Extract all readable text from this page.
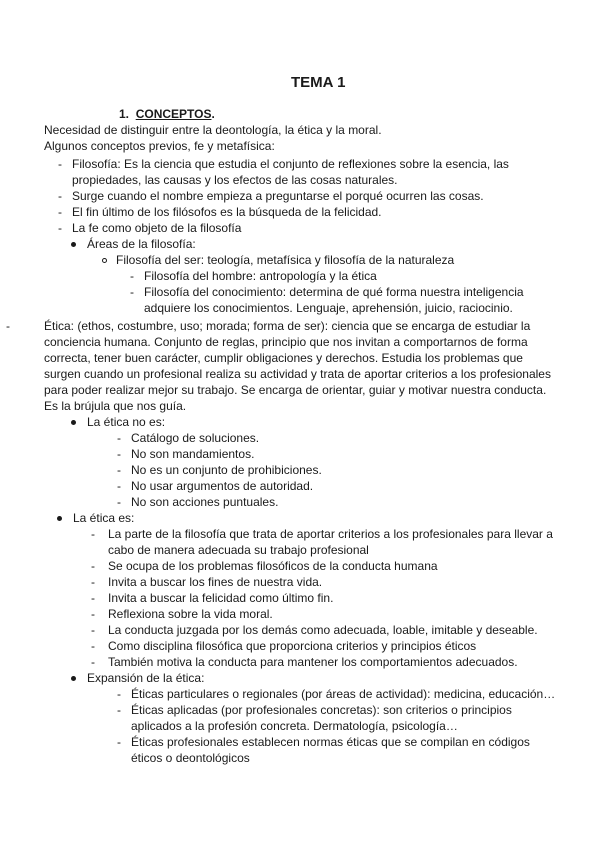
TEMA 1
1. CONCEPTOS.
Necesidad de distinguir entre la deontología, la ética y la moral.
Algunos conceptos previos, fe y metafísica:
- Filosofía: Es la ciencia que estudia el conjunto de reflexiones sobre la esencia, las
propiedades, las causas y los efectos de las cosas naturales.
- Surge cuando el nombre empieza a preguntarse el porqué ocurren las cosas.
- El fin último de los filósofos es la búsqueda de la felicidad.
- La fe como objeto de la filosofía
Áreas de la filosofía:
Filosofía del ser: teología, metafísica y filosofía de la naturaleza
- Filosofía del hombre: antropología y la ética
- Filosofía del conocimiento: determina de qué forma nuestra inteligencia
adquiere los conocimientos. Lenguaje, aprehensión, juicio, raciocinio.
-	Ética: (ethos, costumbre, uso; morada; forma de ser): ciencia que se encarga de estudiar la
conciencia humana. Conjunto de reglas, principio que nos invitan a comportarnos de forma
correcta, tener buen carácter, cumplir obligaciones y derechos. Estudia los problemas que
surgen cuando un profesional realiza su actividad y trata de aportar criterios a los profesionales
para poder realizar mejor su trabajo. Se encarga de orientar, guiar y motivar nuestra conducta.
Es la brújula que nos guía.
La ética no es:
- Catálogo de soluciones.
- No son mandamientos.
- No es un conjunto de prohibiciones.
- No usar argumentos de autoridad.
- No son acciones puntuales.
La ética es:
- La parte de la filosofía que trata de aportar criterios a los profesionales para llevar a
cabo de manera adecuada su trabajo profesional
- Se ocupa de los problemas filosóficos de la conducta humana
- Invita a buscar los fines de nuestra vida.
- Invita a buscar la felicidad como último fin.
- Reflexiona sobre la vida moral.
- La conducta juzgada por los demás como adecuada, loable, imitable y deseable.
- Como disciplina filosófica que proporciona criterios y principios éticos
- También motiva la conducta para mantener los comportamientos adecuados.
Expansión de la ética:
- Éticas particulares o regionales (por áreas de actividad): medicina, educación…
- Éticas aplicadas (por profesionales concretas): son criterios o principios
aplicados a la profesión concreta. Dermatología, psicología…
- Éticas profesionales establecen normas éticas que se compilan en códigos
éticos o deontológicos
